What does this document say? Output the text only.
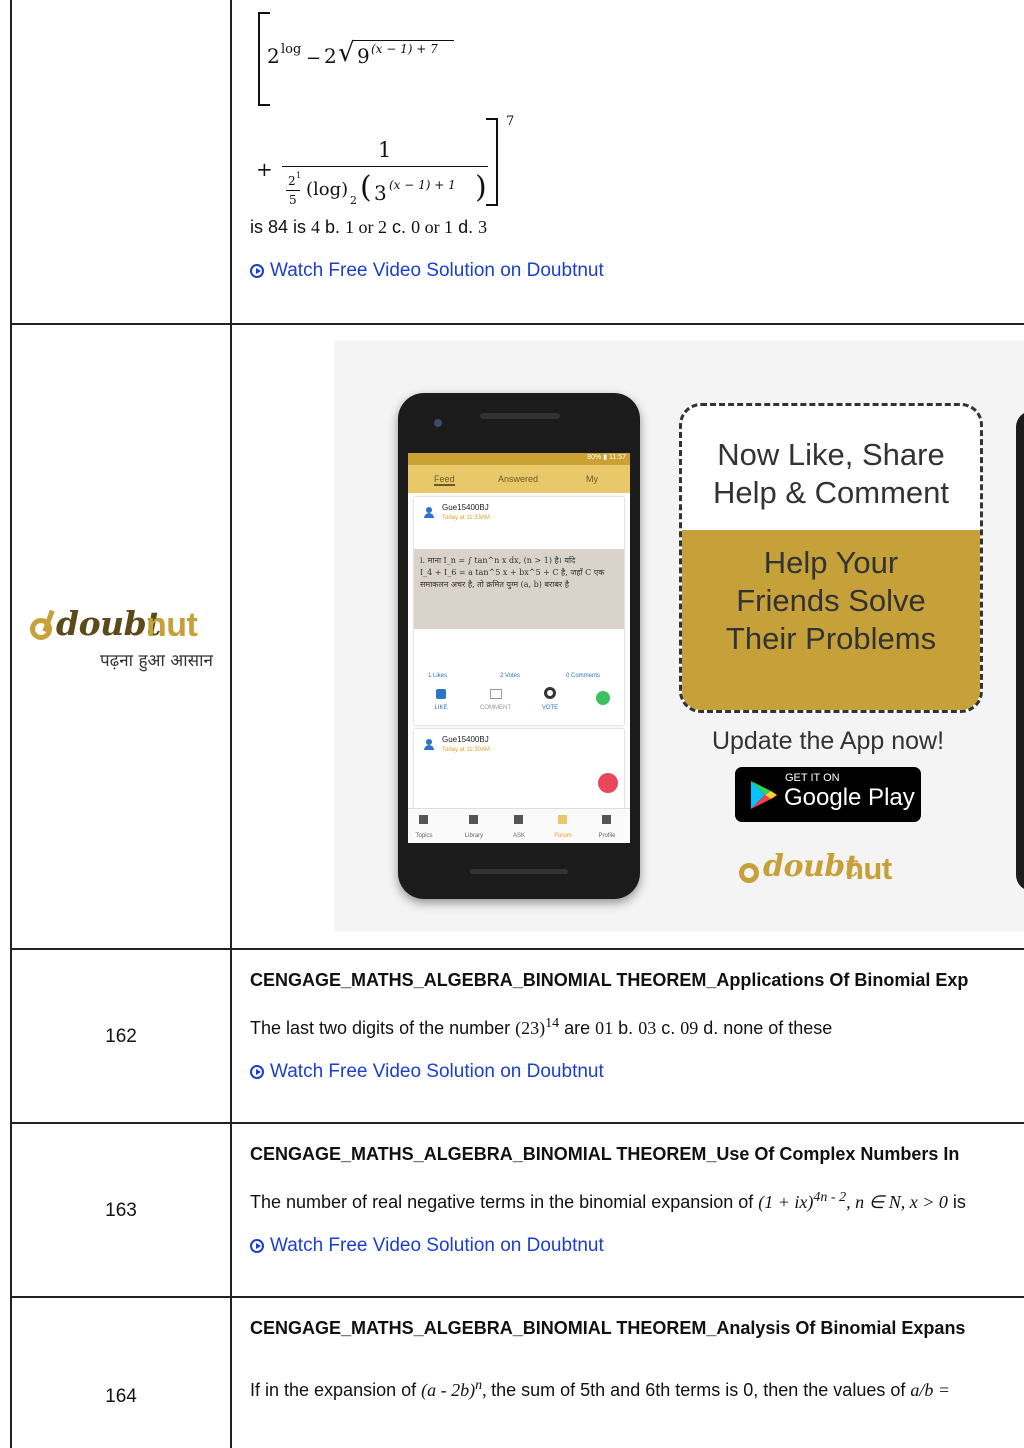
2 log − 2 √ 9 (x − 1) + 7
+
1
2 1
5 (log)
2 ( 3 (x − 1) + 1 )
7
is 84 is 4 b. 1 or 2 c. 0 or 1 d. 3
Watch Free Video Solution on Doubtnut
doubt
nut
पढ़ना हुआ आसान
80% ▮ 11:57
Feed	Answered	My
Gue15400BJ
Today at 11:33AM
i. माना I_n = ∫ tan^n x dx, (n > 1) है। यदि
I_4 + I_6 = a tan^5 x + bx^5 + C है, जहाँ C एक
समाकलन अचर है, तो क्रमित युग्म (a, b) बराबर है
1 Likes	2 Votes	0 Comments
LIKE	COMMENT	VOTE
Gue15400BJ
Today at 11:30AM
Topics	Library	ASK	Forum	Profile
Now Like, Share
Help & Comment
Help Your
Friends Solve
Their Problems
Update the App now!
GET IT ON
Google Play
doubt
nut
162
CENGAGE_MATHS_ALGEBRA_BINOMIAL THEOREM_Applications Of Binomial Exp
The last two digits of the number $(23)^{14}$ are 01 b. 03 c. 09 d. none of these
Watch Free Video Solution on Doubtnut
163
CENGAGE_MATHS_ALGEBRA_BINOMIAL THEOREM_Use Of Complex Numbers In
The number of real negative terms in the binomial expansion of (1 + ix)$^{4n - 2}$, n ∈ N, x > 0 is
Watch Free Video Solution on Doubtnut
164
CENGAGE_MATHS_ALGEBRA_BINOMIAL THEOREM_Analysis Of Binomial Expans
If in the expansion of (a - 2b)$^n$, the sum of 5th and 6th terms is 0, then the values of a/b =
